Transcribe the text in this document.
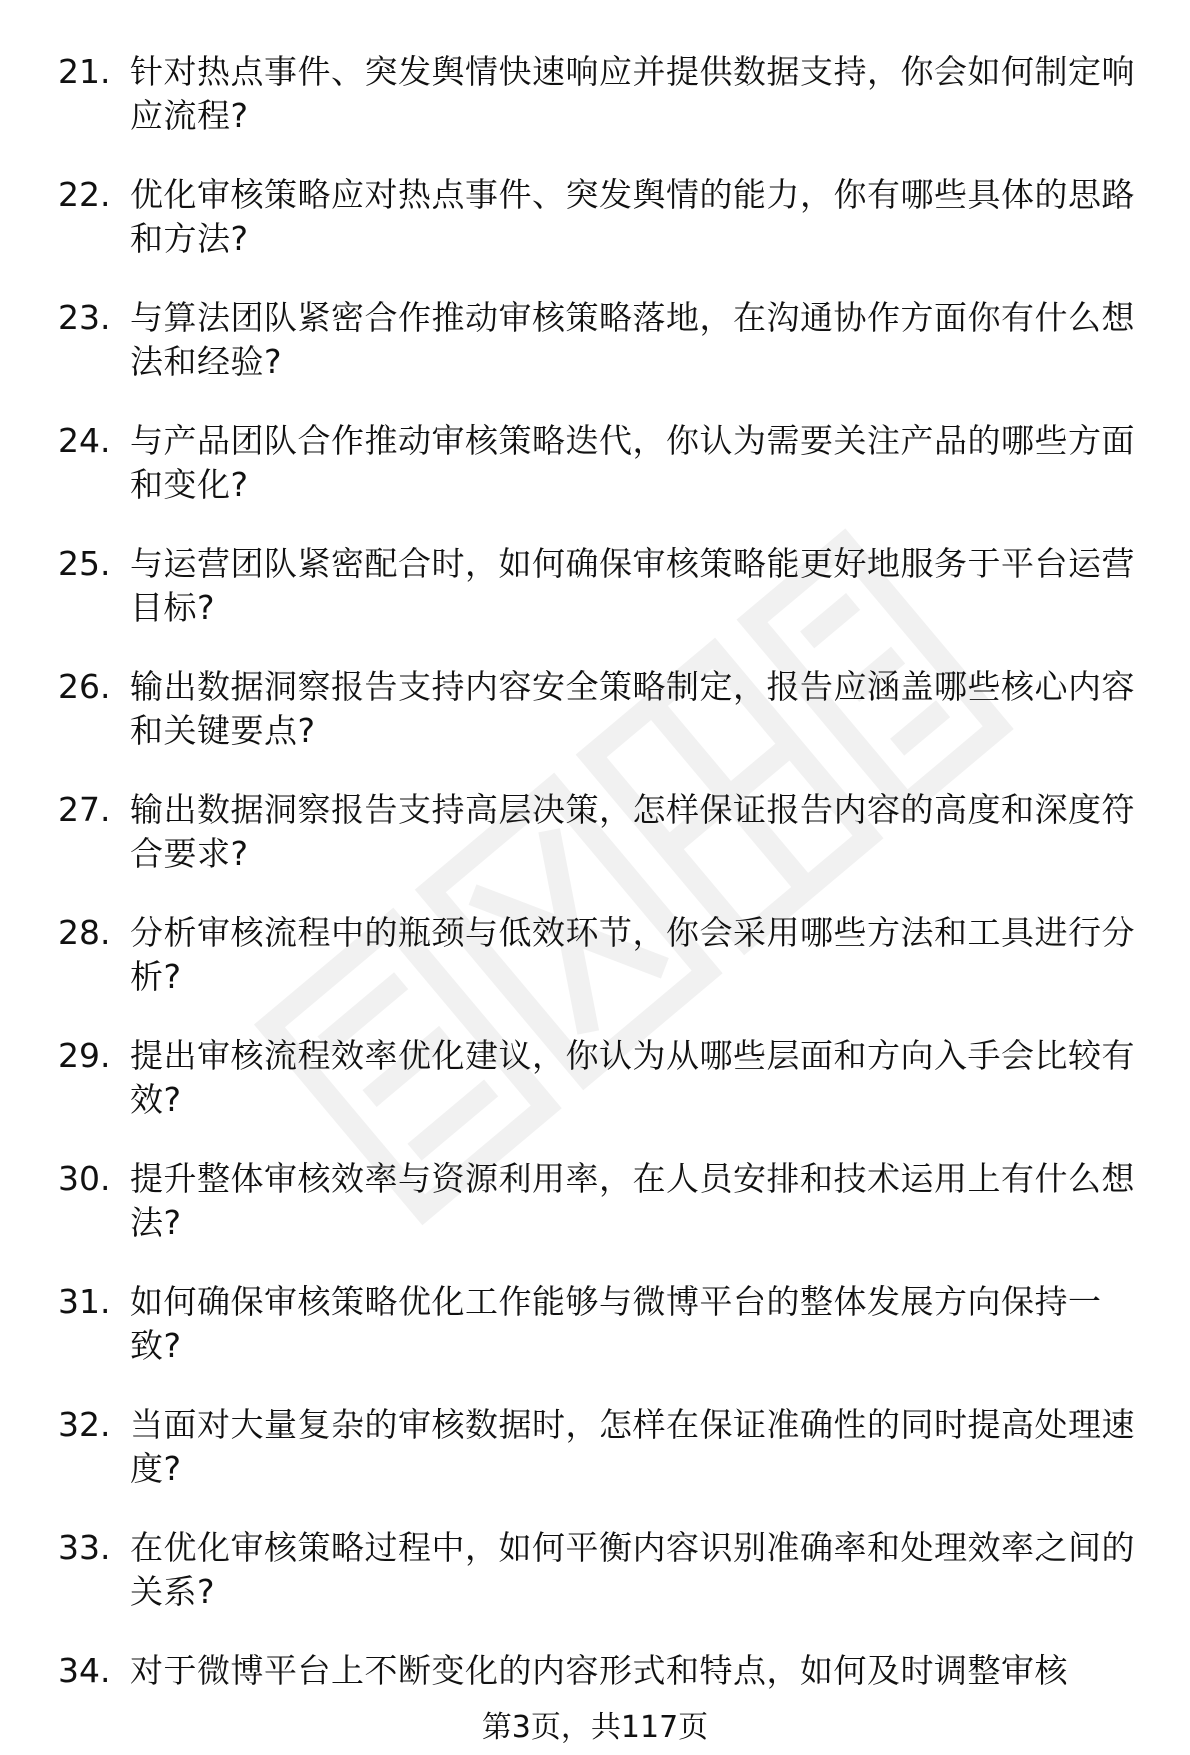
21. 针对热点事件、突发舆情快速响应并提供数据支持，你会如何制定响应流程?
22. 优化审核策略应对热点事件、突发舆情的能力，你有哪些具体的思路和方法?
23. 与算法团队紧密合作推动审核策略落地，在沟通协作方面你有什么想法和经验?
24. 与产品团队合作推动审核策略迭代，你认为需要关注产品的哪些方面和变化?
25. 与运营团队紧密配合时，如何确保审核策略能更好地服务于平台运营目标?
26. 输出数据洞察报告支持内容安全策略制定，报告应涵盖哪些核心内容和关键要点?
27. 输出数据洞察报告支持高层决策，怎样保证报告内容的高度和深度符合要求?
28. 分析审核流程中的瓶颈与低效环节，你会采用哪些方法和工具进行分析?
29. 提出审核流程效率优化建议，你认为从哪些层面和方向入手会比较有效?
30. 提升整体审核效率与资源利用率，在人员安排和技术运用上有什么想法?
31. 如何确保审核策略优化工作能够与微博平台的整体发展方向保持一致?
32. 当面对大量复杂的审核数据时，怎样在保证准确性的同时提高处理速度?
33. 在优化审核策略过程中，如何平衡内容识别准确率和处理效率之间的关系?
34. 对于微博平台上不断变化的内容形式和特点，如何及时调整审核
第3页，共117页
